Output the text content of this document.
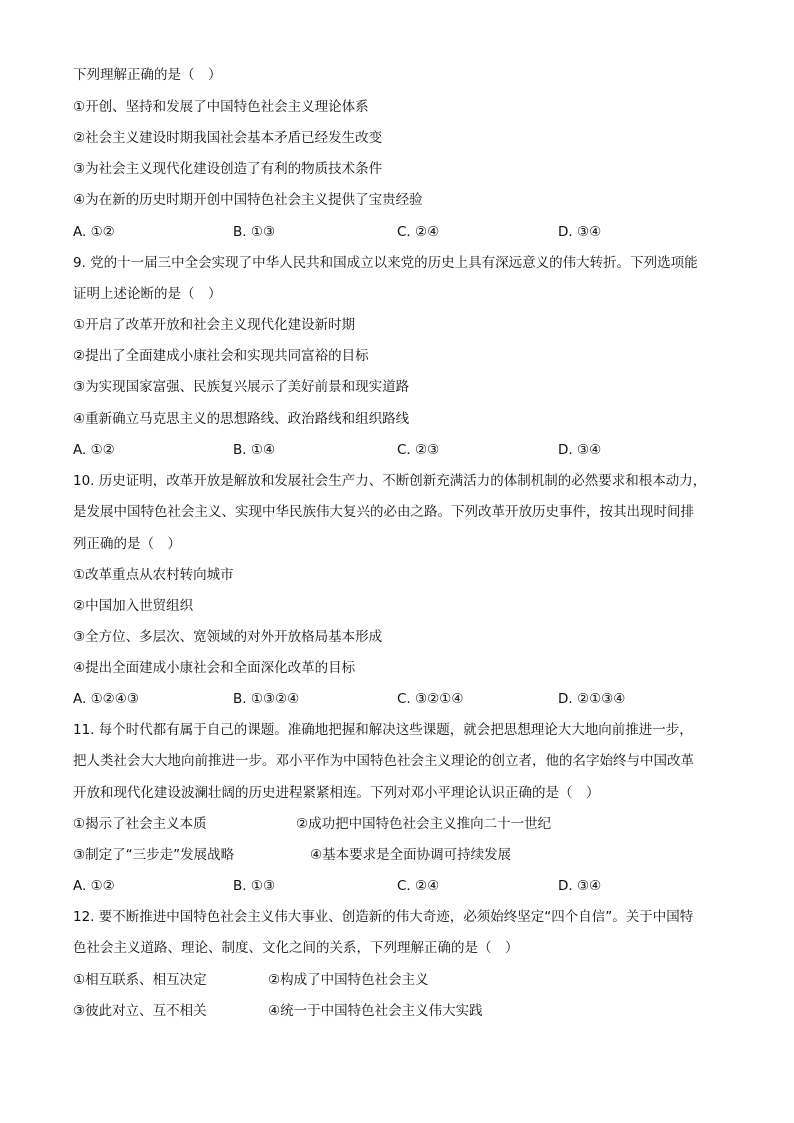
下列理解正确的是（　）
①开创、坚持和发展了中国特色社会主义理论体系
②社会主义建设时期我国社会基本矛盾已经发生改变
③为社会主义现代化建设创造了有利的物质技术条件
④为在新的历史时期开创中国特色社会主义提供了宝贵经验
A. ①②	B. ①③	C. ②④	D. ③④
9. 党的十一届三中全会实现了中华人民共和国成立以来党的历史上具有深远意义的伟大转折。下列选项能
证明上述论断的是（　）
①开启了改革开放和社会主义现代化建设新时期
②提出了全面建成小康社会和实现共同富裕的目标
③为实现国家富强、民族复兴展示了美好前景和现实道路
④重新确立马克思主义的思想路线、政治路线和组织路线
A. ①②	B. ①④	C. ②③	D. ③④
10. 历史证明，改革开放是解放和发展社会生产力、不断创新充满活力的体制机制的必然要求和根本动力，
是发展中国特色社会主义、实现中华民族伟大复兴的必由之路。下列改革开放历史事件，按其出现时间排
列正确的是（　）
①改革重点从农村转向城市
②中国加入世贸组织
③全方位、多层次、宽领域的对外开放格局基本形成
④提出全面建成小康社会和全面深化改革的目标
A. ①②④③	B. ①③②④	C. ③②①④	D. ②①③④
11. 每个时代都有属于自己的课题。准确地把握和解决这些课题，就会把思想理论大大地向前推进一步，
把人类社会大大地向前推进一步。邓小平作为中国特色社会主义理论的创立者，他的名字始终与中国改革
开放和现代化建设波澜壮阔的历史进程紧紧相连。下列对邓小平理论认识正确的是（　）
①揭示了社会主义本质	②成功把中国特色社会主义推向二十一世纪
③制定了“三步走”发展战略	④基本要求是全面协调可持续发展
A. ①②	B. ①③	C. ②④	D. ③④
12. 要不断推进中国特色社会主义伟大事业、创造新的伟大奇迹，必须始终坚定“四个自信”。关于中国特
色社会主义道路、理论、制度、文化之间的关系，下列理解正确的是（　）
①相互联系、相互决定	②构成了中国特色社会主义
③彼此对立、互不相关	④统一于中国特色社会主义伟大实践
